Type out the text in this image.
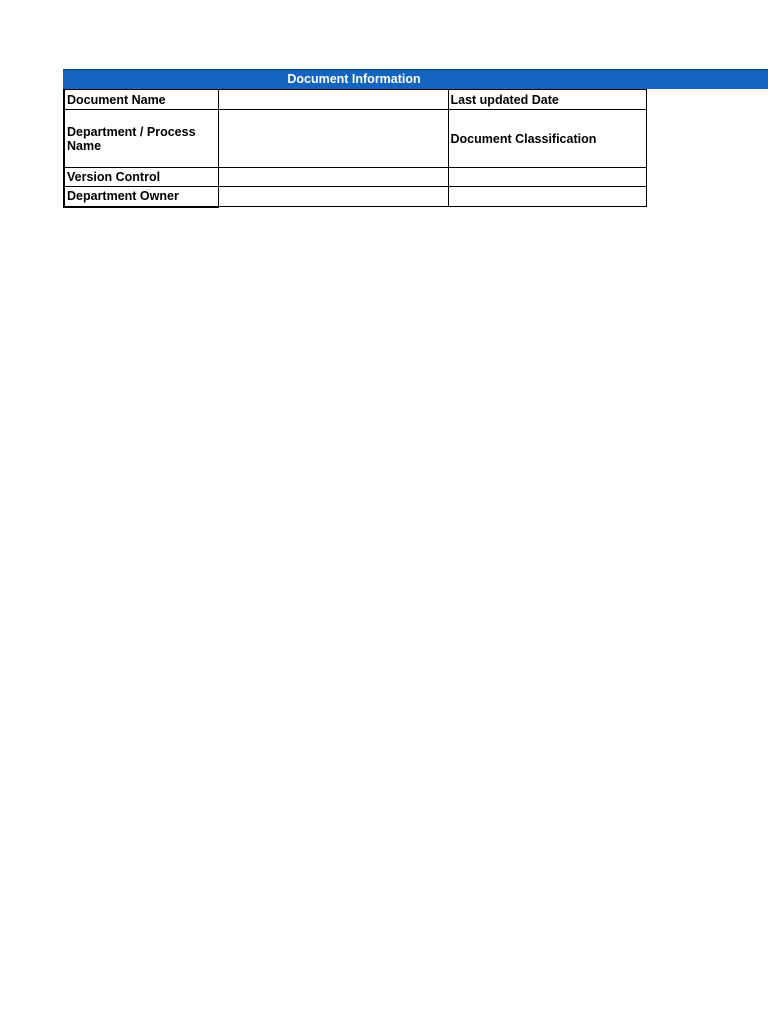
Document Information
Document Name		Last updated Date
Department / Process Name		Document Classification
Version Control		
Department Owner		
